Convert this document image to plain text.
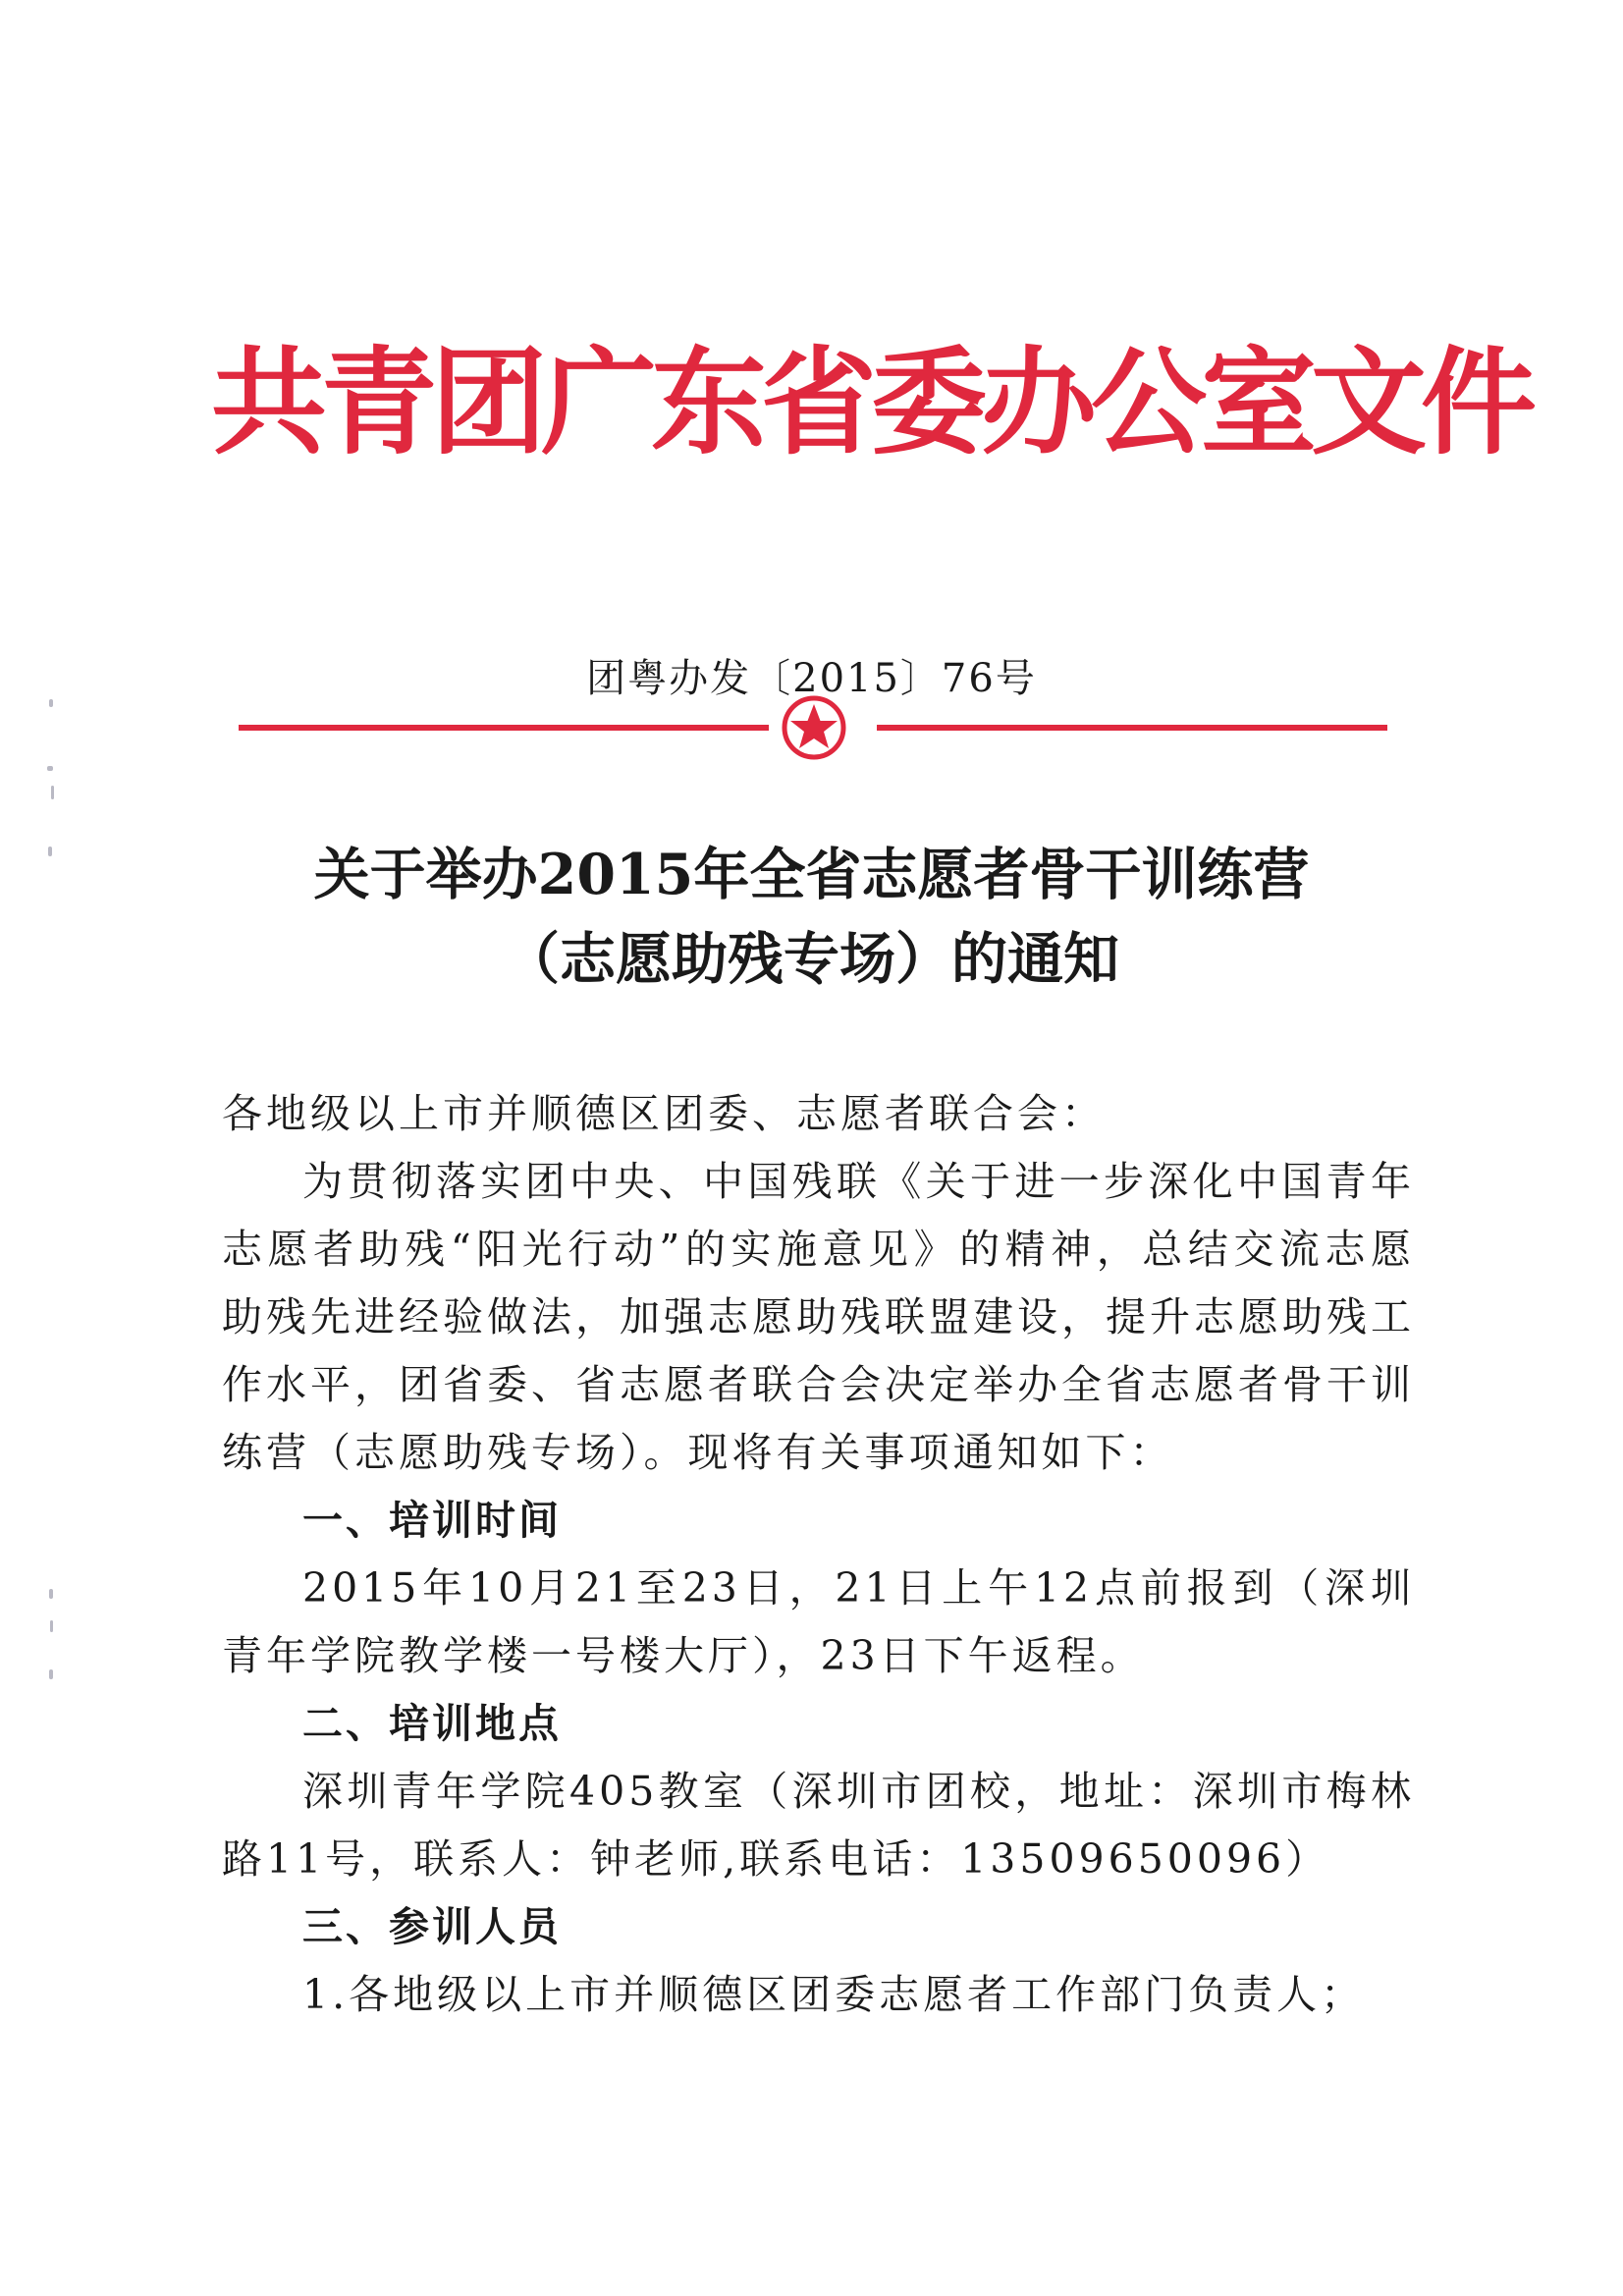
共青团广东省委办公室文件
团粤办发〔2015〕76号
关于举办2015年全省志愿者骨干训练营
（志愿助残专场）的通知

各地级以上市并顺德区团委、志愿者联合会：

为贯彻落实团中央、中国残联《关于进一步深化中国青年志愿者助残“阳光行动”的实施意见》的精神，总结交流志愿助残先进经验做法，加强志愿助残联盟建设，提升志愿助残工作水平，团省委、省志愿者联合会决定举办全省志愿者骨干训练营（志愿助残专场）。现将有关事项通知如下：

一、培训时间

2015年10月21至23日，21日上午12点前报到（深圳青年学院教学楼一号楼大厅），23日下午返程。

二、培训地点

深圳青年学院405教室（深圳市团校，地址：深圳市梅林路11号，联系人：钟老师,联系电话：13509650096）

三、参训人员

1.各地级以上市并顺德区团委志愿者工作部门负责人；
